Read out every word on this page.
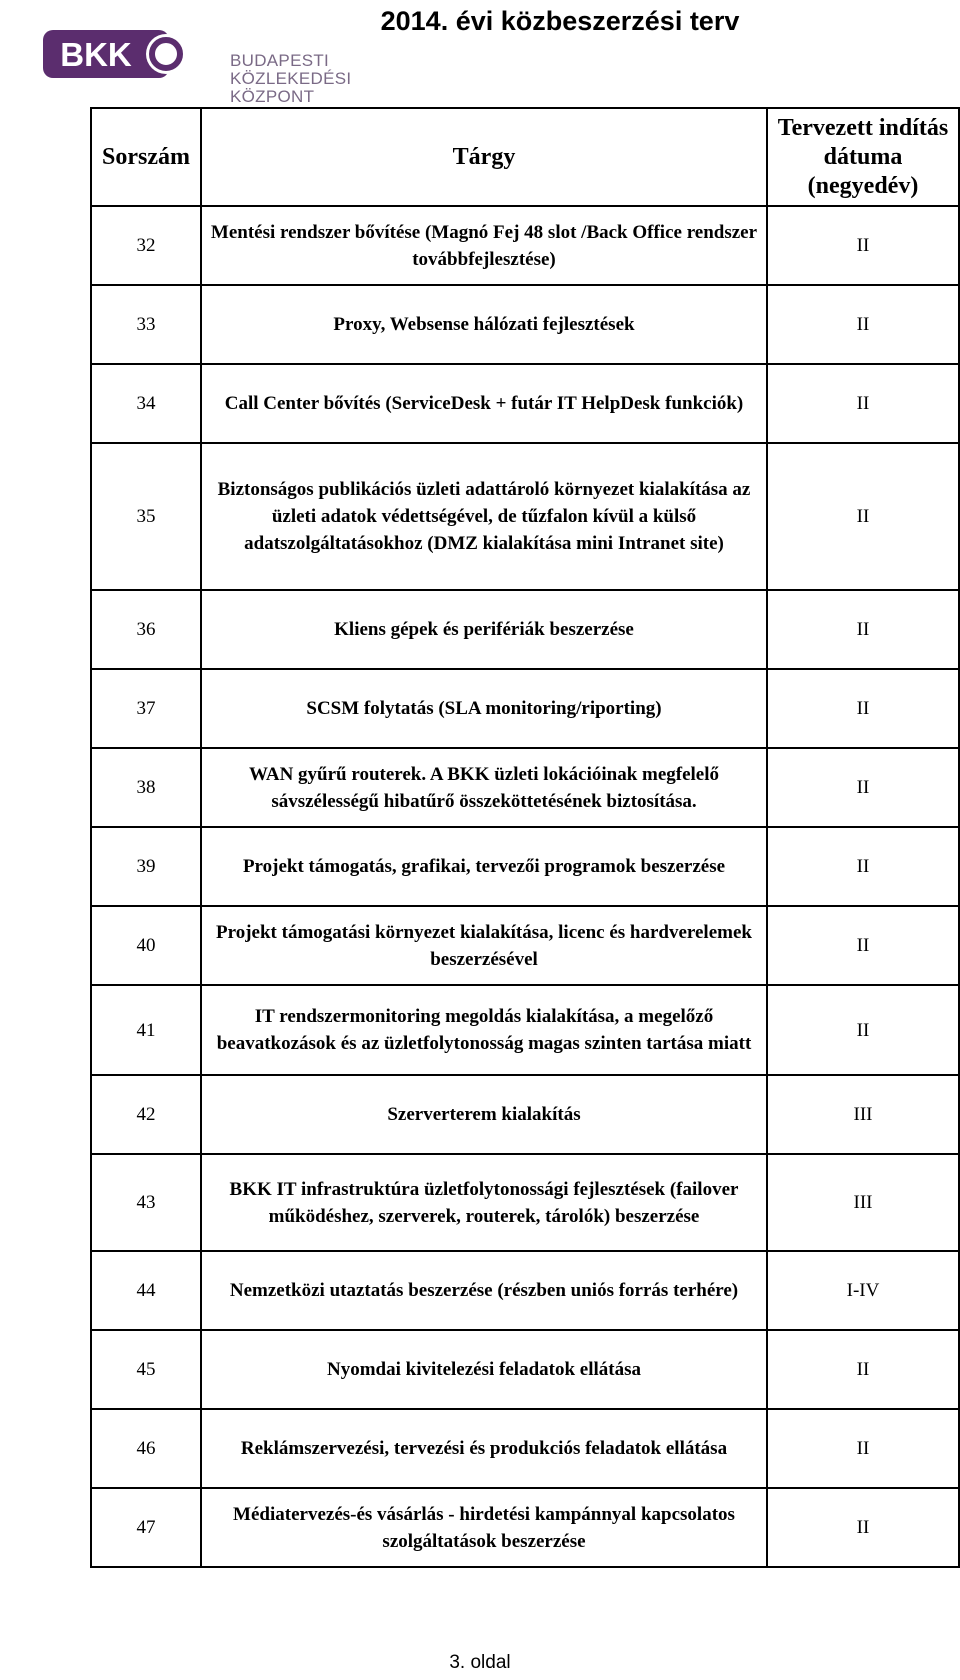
BKK	BUDAPESTI
KÖZLEKEDÉSI
KÖZPONT
2014. évi közbeszerzési terv
Sorszám	Tárgy	Tervezett indítás dátuma (negyedév)
32	Mentési rendszer bővítése (Magnó Fej 48 slot /Back Office rendszer továbbfejlesztése)	II
33	Proxy, Websense hálózati fejlesztések	II
34	Call Center bővítés (ServiceDesk + futár IT HelpDesk funkciók)	II
35	Biztonságos publikációs üzleti adattároló környezet kialakítása az üzleti adatok védettségével, de tűzfalon kívül a külső adatszolgáltatásokhoz (DMZ kialakítása mini Intranet site)	II
36	Kliens gépek és perifériák beszerzése	II
37	SCSM folytatás (SLA monitoring/riporting)	II
38	WAN gyűrű routerek. A BKK üzleti lokációinak megfelelő sávszélességű hibatűrő összeköttetésének biztosítása.	II
39	Projekt támogatás, grafikai, tervezői programok beszerzése	II
40	Projekt támogatási környezet kialakítása, licenc és hardverelemek beszerzésével	II
41	IT rendszermonitoring megoldás kialakítása, a megelőző beavatkozások és az üzletfolytonosság magas szinten tartása miatt	II
42	Szerverterem kialakítás	III
43	BKK IT infrastruktúra üzletfolytonossági fejlesztések (failover működéshez, szerverek, routerek, tárolók) beszerzése	III
44	Nemzetközi utaztatás beszerzése (részben uniós forrás terhére)	I-IV
45	Nyomdai kivitelezési feladatok ellátása	II
46	Reklámszervezési, tervezési és produkciós feladatok ellátása	II
47	Médiatervezés-és vásárlás - hirdetési kampánnyal kapcsolatos szolgáltatások beszerzése	II
3. oldal
